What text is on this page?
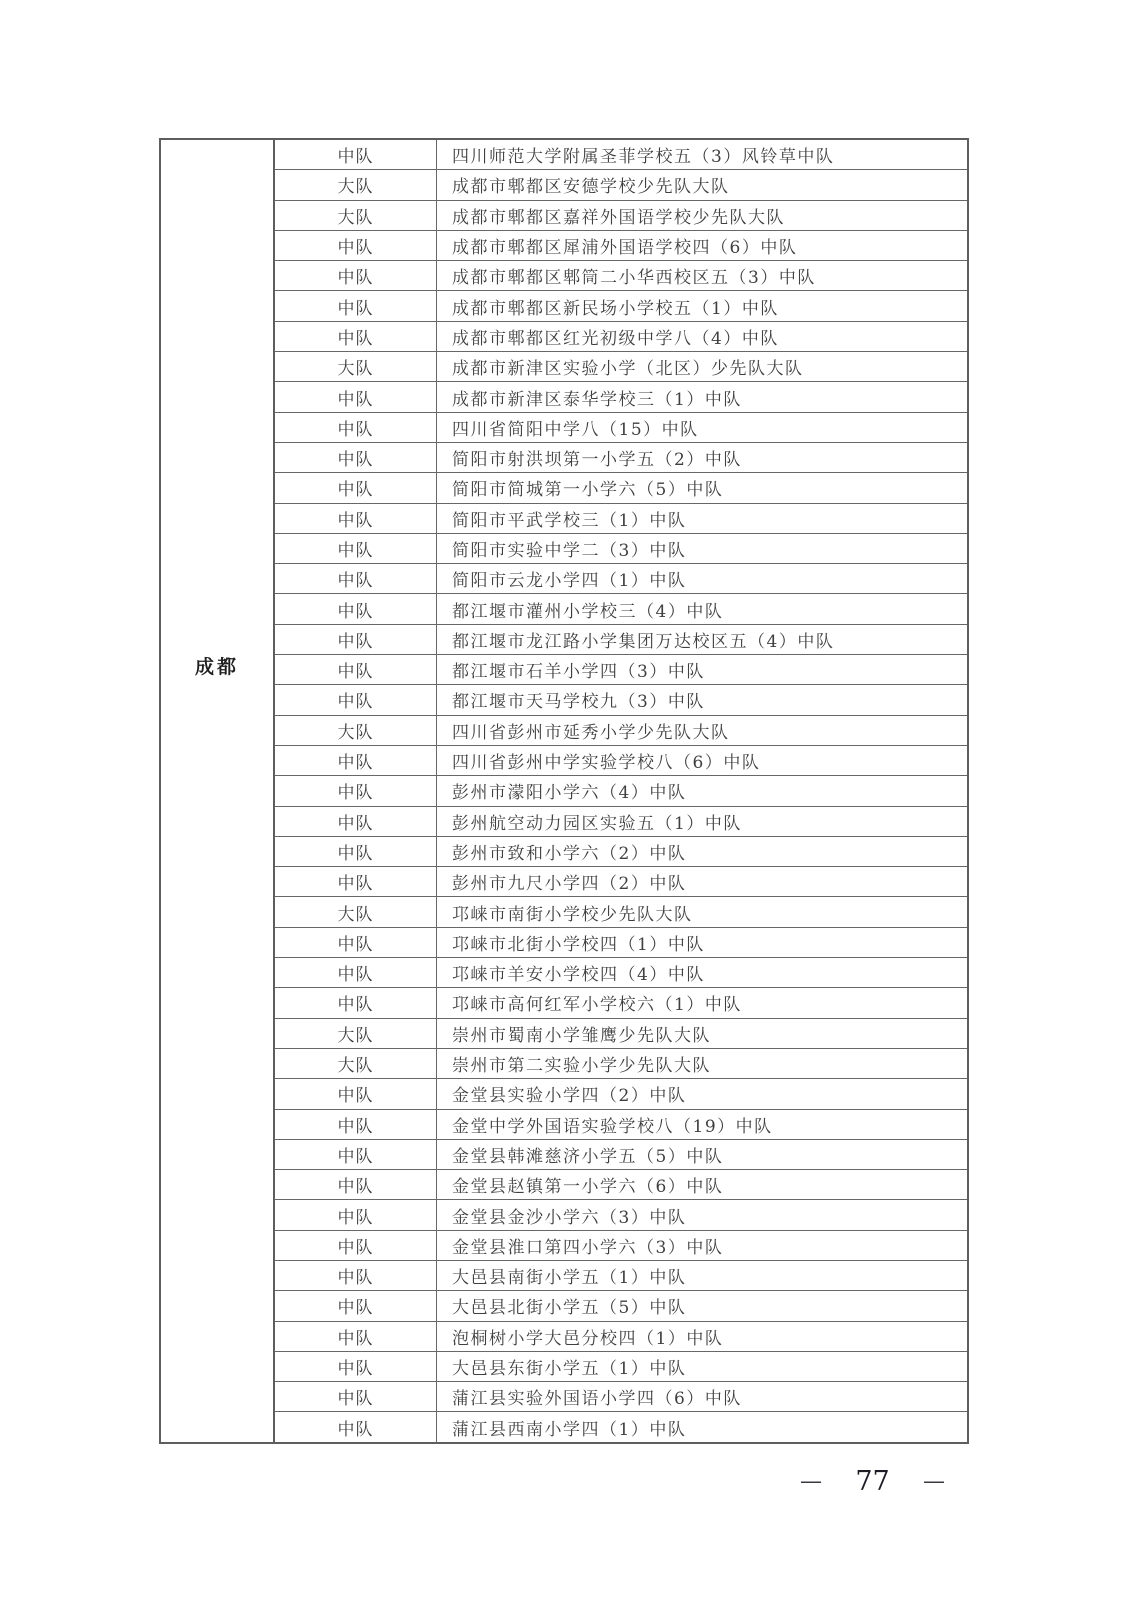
成都
中队	四川师范大学附属圣菲学校五（3）风铃草中队
大队	成都市郫都区安德学校少先队大队
大队	成都市郫都区嘉祥外国语学校少先队大队
中队	成都市郫都区犀浦外国语学校四（6）中队
中队	成都市郫都区郫筒二小华西校区五（3）中队
中队	成都市郫都区新民场小学校五（1）中队
中队	成都市郫都区红光初级中学八（4）中队
大队	成都市新津区实验小学（北区）少先队大队
中队	成都市新津区泰华学校三（1）中队
中队	四川省简阳中学八（15）中队
中队	简阳市射洪坝第一小学五（2）中队
中队	简阳市简城第一小学六（5）中队
中队	简阳市平武学校三（1）中队
中队	简阳市实验中学二（3）中队
中队	简阳市云龙小学四（1）中队
中队	都江堰市灌州小学校三（4）中队
中队	都江堰市龙江路小学集团万达校区五（4）中队
中队	都江堰市石羊小学四（3）中队
中队	都江堰市天马学校九（3）中队
大队	四川省彭州市延秀小学少先队大队
中队	四川省彭州中学实验学校八（6）中队
中队	彭州市濛阳小学六（4）中队
中队	彭州航空动力园区实验五（1）中队
中队	彭州市致和小学六（2）中队
中队	彭州市九尺小学四（2）中队
大队	邛崃市南街小学校少先队大队
中队	邛崃市北街小学校四（1）中队
中队	邛崃市羊安小学校四（4）中队
中队	邛崃市高何红军小学校六（1）中队
大队	崇州市蜀南小学雏鹰少先队大队
大队	崇州市第二实验小学少先队大队
中队	金堂县实验小学四（2）中队
中队	金堂中学外国语实验学校八（19）中队
中队	金堂县韩滩慈济小学五（5）中队
中队	金堂县赵镇第一小学六（6）中队
中队	金堂县金沙小学六（3）中队
中队	金堂县淮口第四小学六（3）中队
中队	大邑县南街小学五（1）中队
中队	大邑县北街小学五（5）中队
中队	泡桐树小学大邑分校四（1）中队
中队	大邑县东街小学五（1）中队
中队	蒲江县实验外国语小学四（6）中队
中队	蒲江县西南小学四（1）中队
— 77 —
